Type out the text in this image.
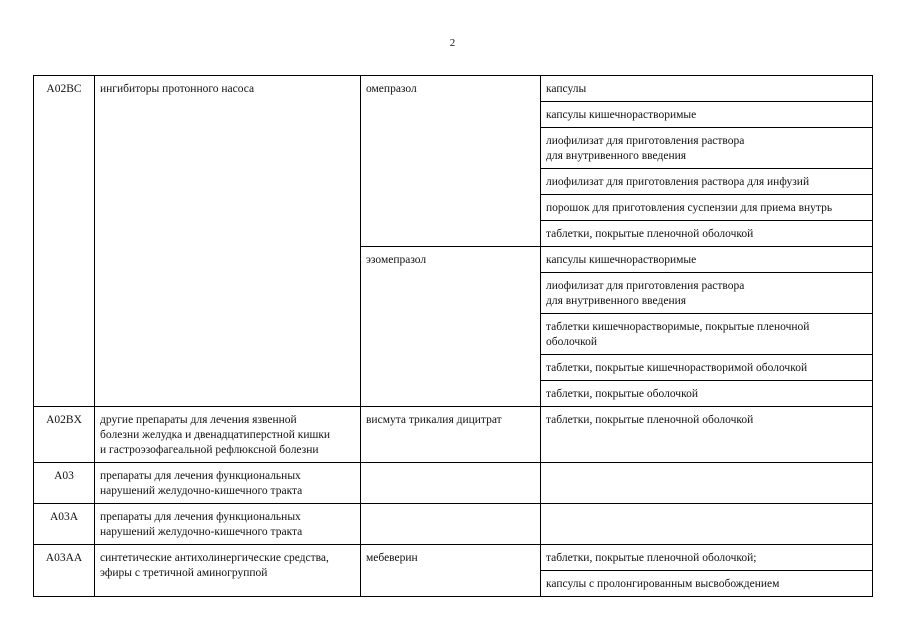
2
A02BC	ингибиторы протонного насоса	омепразол	капсулы
			капсулы кишечнорастворимые
			лиофилизат для приготовления раствора
для внутривенного введения
			лиофилизат для приготовления раствора для инфузий
			порошок для приготовления суспензии для приема внутрь
			таблетки, покрытые пленочной оболочкой
		эзомепразол	капсулы кишечнорастворимые
			лиофилизат для приготовления раствора
для внутривенного введения
			таблетки кишечнорастворимые, покрытые пленочной
оболочкой
			таблетки, покрытые кишечнорастворимой оболочкой
			таблетки, покрытые оболочкой
A02BX	другие препараты для лечения язвенной
болезни желудка и двенадцатиперстной кишки
и гастроэзофагеальной рефлюксной болезни	висмута трикалия дицитрат	таблетки, покрытые пленочной оболочкой
A03	препараты для лечения функциональных
нарушений желудочно-кишечного тракта		
A03A	препараты для лечения функциональных
нарушений желудочно-кишечного тракта		
A03AA	синтетические антихолинергические средства,
эфиры с третичной аминогруппой	мебеверин	таблетки, покрытые пленочной оболочкой;
			капсулы с пролонгированным высвобождением
